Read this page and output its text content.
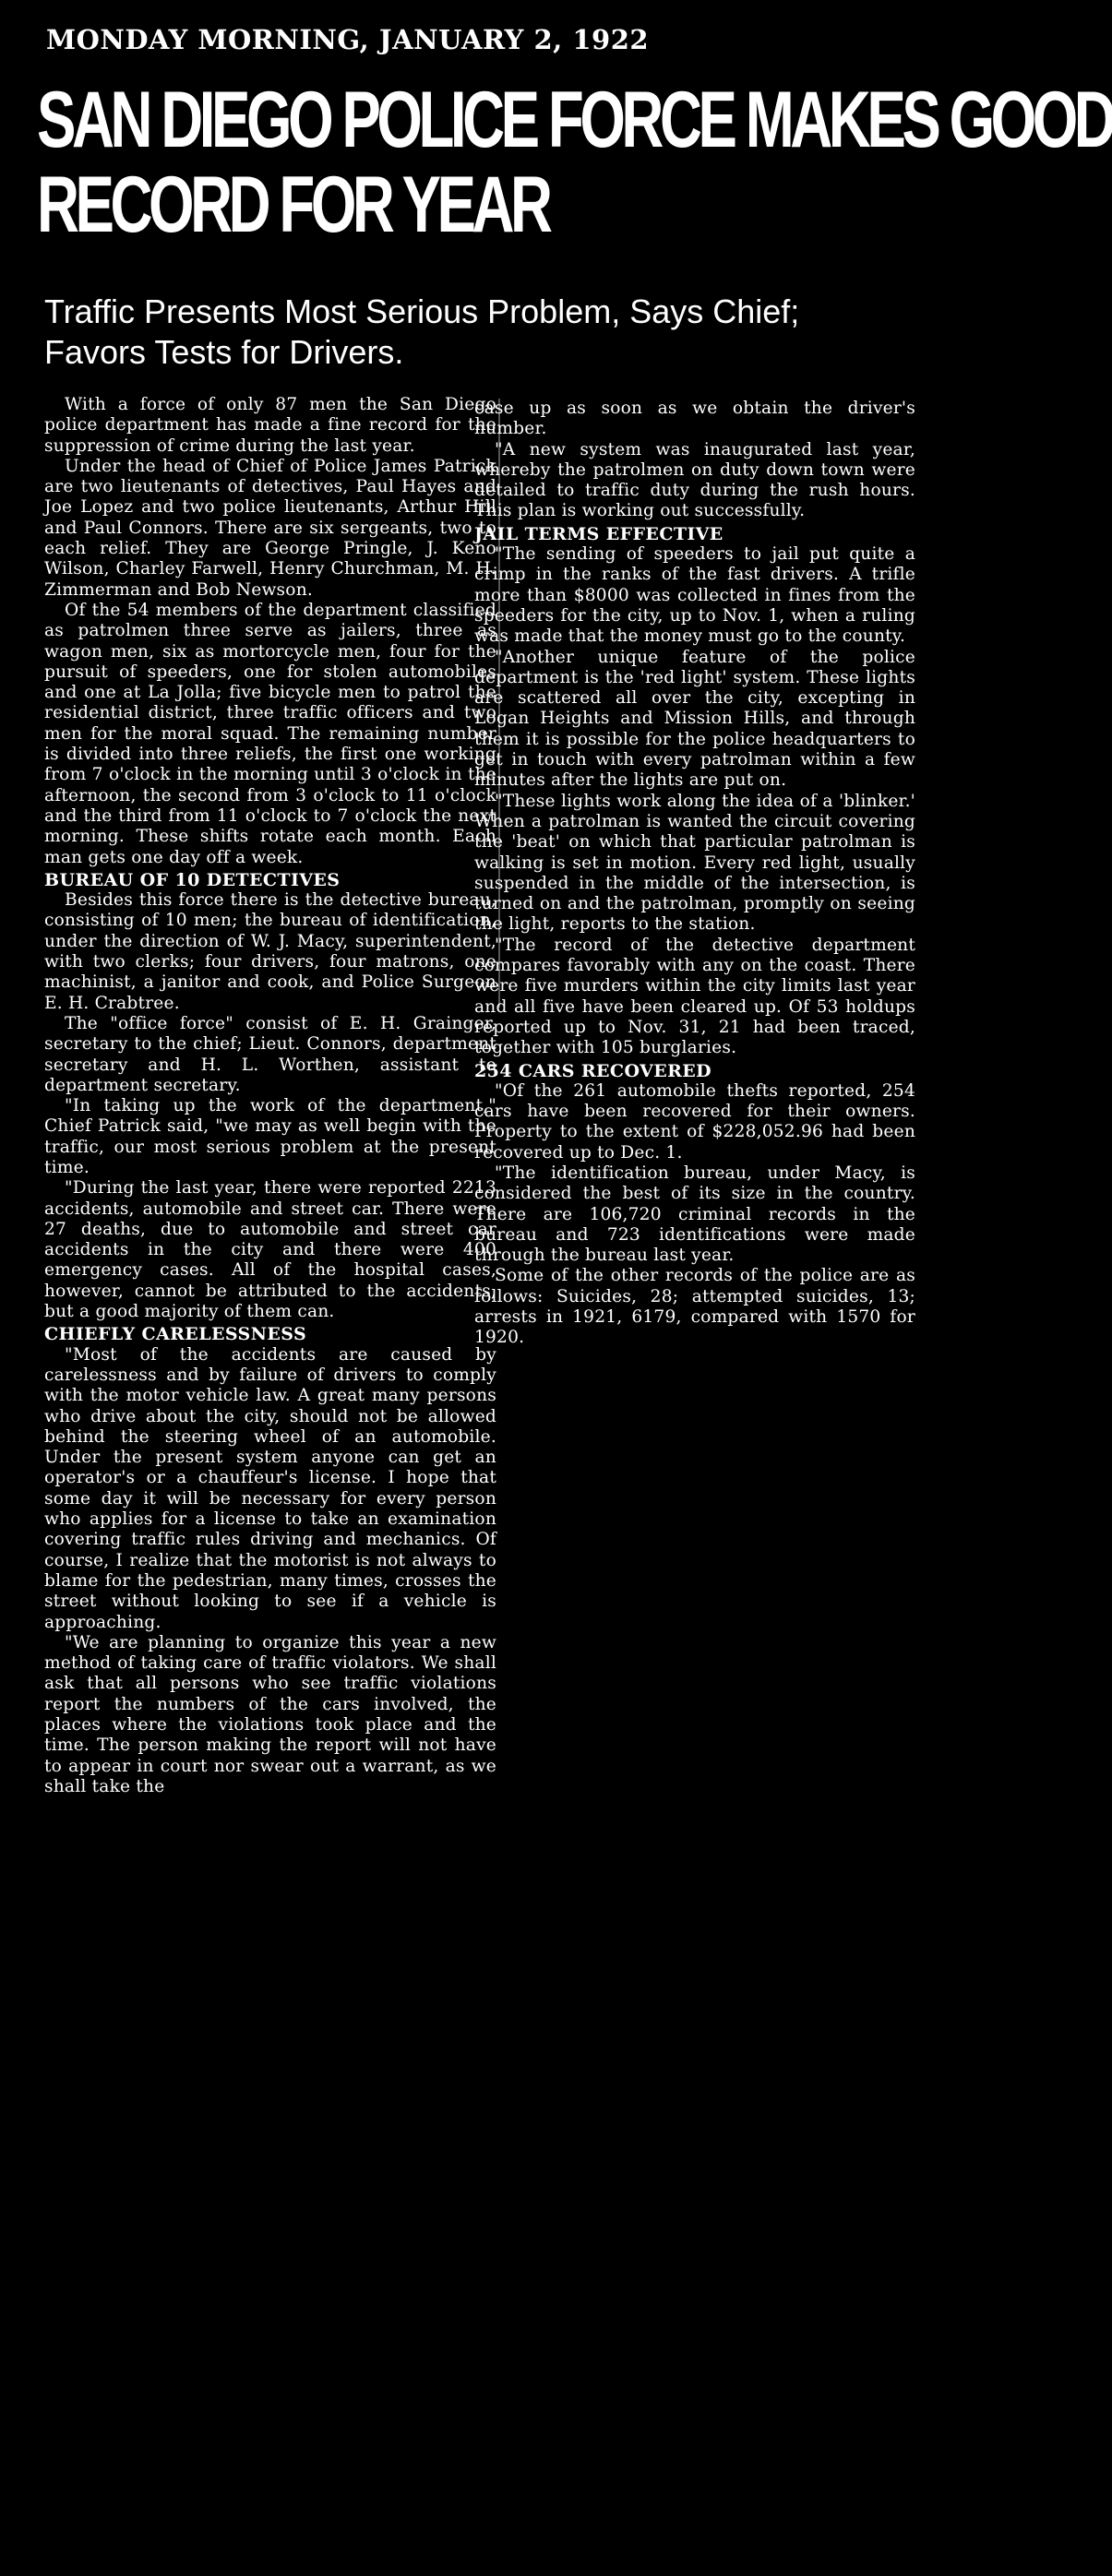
MONDAY MORNING, JANUARY 2, 1922
SAN DIEGO POLICE FORCE MAKES GOOD
RECORD FOR YEAR
Traffic Presents Most Serious Problem, Says Chief; Favors Tests for Drivers.

With a force of only 87 men the San Diego police department has made a fine record for the suppression of crime during the last year.

Under the head of Chief of Police James Patrick are two lieutenants of detectives, Paul Hayes and Joe Lopez and two police lieutenants, Arthur Hill and Paul Connors. There are six sergeants, two to each relief. They are George Pringle, J. Keno Wilson, Charley Farwell, Henry Churchman, M. H. Zimmerman and Bob Newson.

Of the 54 members of the department classified as patrolmen three serve as jailers, three as wagon men, six as mortorcycle men, four for the pursuit of speeders, one for stolen automobiles and one at La Jolla; five bicycle men to patrol the residential district, three traffic officers and two men for the moral squad. The remaining number is divided into three reliefs, the first one working from 7 o'clock in the morning until 3 o'clock in the afternoon, the second from 3 o'clock to 11 o'clock and the third from 11 o'clock to 7 o'clock the next morning. These shifts rotate each month. Each man gets one day off a week.

BUREAU OF 10 DETECTIVES

Besides this force there is the detective bureau, consisting of 10 men; the bureau of identification, under the direction of W. J. Macy, superintendent, with two clerks; four drivers, four matrons, one machinist, a janitor and cook, and Police Surgeon E. H. Crabtree.

The "office force" consist of E. H. Grainger, secretary to the chief; Lieut. Connors, department secretary and H. L. Worthen, assistant to department secretary.

"In taking up the work of the department," Chief Patrick said, "we may as well begin with the traffic, our most serious problem at the present time.

"During the last year, there were reported 2213 accidents, automobile and street car. There were 27 deaths, due to automobile and street car accidents in the city and there were 400 emergency cases. All of the hospital cases, however, cannot be attributed to the accidents, but a good majority of them can.

CHIEFLY CARELESSNESS

"Most of the accidents are caused by carelessness and by failure of drivers to comply with the motor vehicle law. A great many persons who drive about the city, should not be allowed behind the steering wheel of an automobile. Under the present system anyone can get an operator's or a chauffeur's license. I hope that some day it will be necessary for every person who applies for a license to take an examination covering traffic rules driving and mechanics. Of course, I realize that the motorist is not always to blame for the pedestrian, many times, crosses the street without looking to see if a vehicle is approaching.

"We are planning to organize this year a new method of taking care of traffic violators. We shall ask that all persons who see traffic violations report the numbers of the cars involved, the places where the violations took place and the time. The person making the report will not have to appear in court nor swear out a warrant, as we shall take the

case up as soon as we obtain the driver's number.

"A new system was inaugurated last year, whereby the patrolmen on duty down town were detailed to traffic duty during the rush hours. This plan is working out successfully.

JAIL TERMS EFFECTIVE

"The sending of speeders to jail put quite a crimp in the ranks of the fast drivers. A trifle more than $8000 was collected in fines from the speeders for the city, up to Nov. 1, when a ruling was made that the money must go to the county.

"Another unique feature of the police department is the 'red light' system. These lights are scattered all over the city, excepting in Logan Heights and Mission Hills, and through them it is possible for the police headquarters to get in touch with every patrolman within a few minutes after the lights are put on.

"These lights work along the idea of a 'blinker.' When a patrolman is wanted the circuit covering the 'beat' on which that particular patrolman is walking is set in motion. Every red light, usually suspended in the middle of the intersection, is turned on and the patrolman, promptly on seeing the light, reports to the station.

"The record of the detective department compares favorably with any on the coast. There were five murders within the city limits last year and all five have been cleared up. Of 53 holdups reported up to Nov. 31, 21 had been traced, together with 105 burglaries.

254 CARS RECOVERED

"Of the 261 automobile thefts reported, 254 cars have been recovered for their owners. Property to the extent of $228,052.96 had been recovered up to Dec. 1.

"The identification bureau, under Macy, is considered the best of its size in the country. There are 106,720 criminal records in the bureau and 723 identifications were made through the bureau last year.

Some of the other records of the police are as follows: Suicides, 28; attempted suicides, 13; arrests in 1921, 6179, compared with 1570 for 1920.
